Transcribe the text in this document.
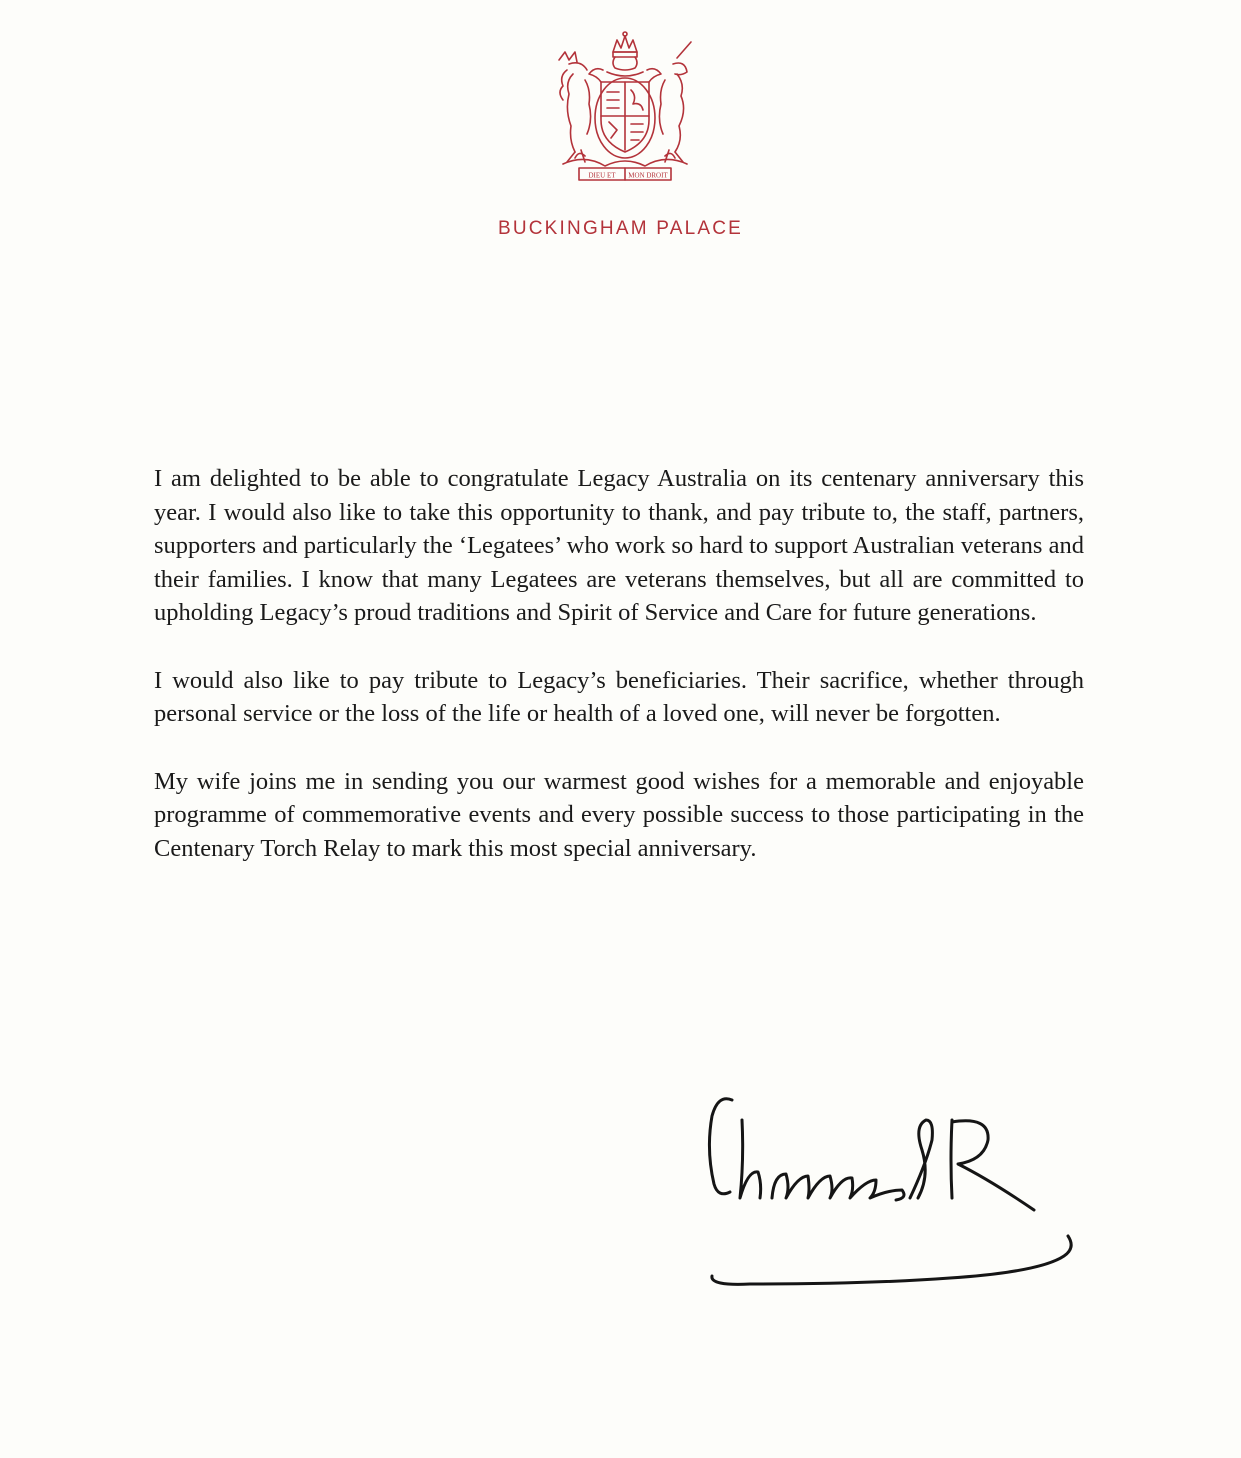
DIEU ET MON DROIT
BUCKINGHAM PALACE

I am delighted to be able to congratulate Legacy Australia on its centenary anniversary this year. I would also like to take this opportunity to thank, and pay tribute to, the staff, partners, supporters and particularly the ‘Legatees’ who work so hard to support Australian veterans and their families. I know that many Legatees are veterans themselves, but all are committed to upholding Legacy’s proud traditions and Spirit of Service and Care for future generations.

I would also like to pay tribute to Legacy’s beneficiaries. Their sacrifice, whether through personal service or the loss of the life or health of a loved one, will never be forgotten.

My wife joins me in sending you our warmest good wishes for a memorable and enjoyable programme of commemorative events and every possible success to those participating in the Centenary Torch Relay to mark this most special anniversary.

Charles R
